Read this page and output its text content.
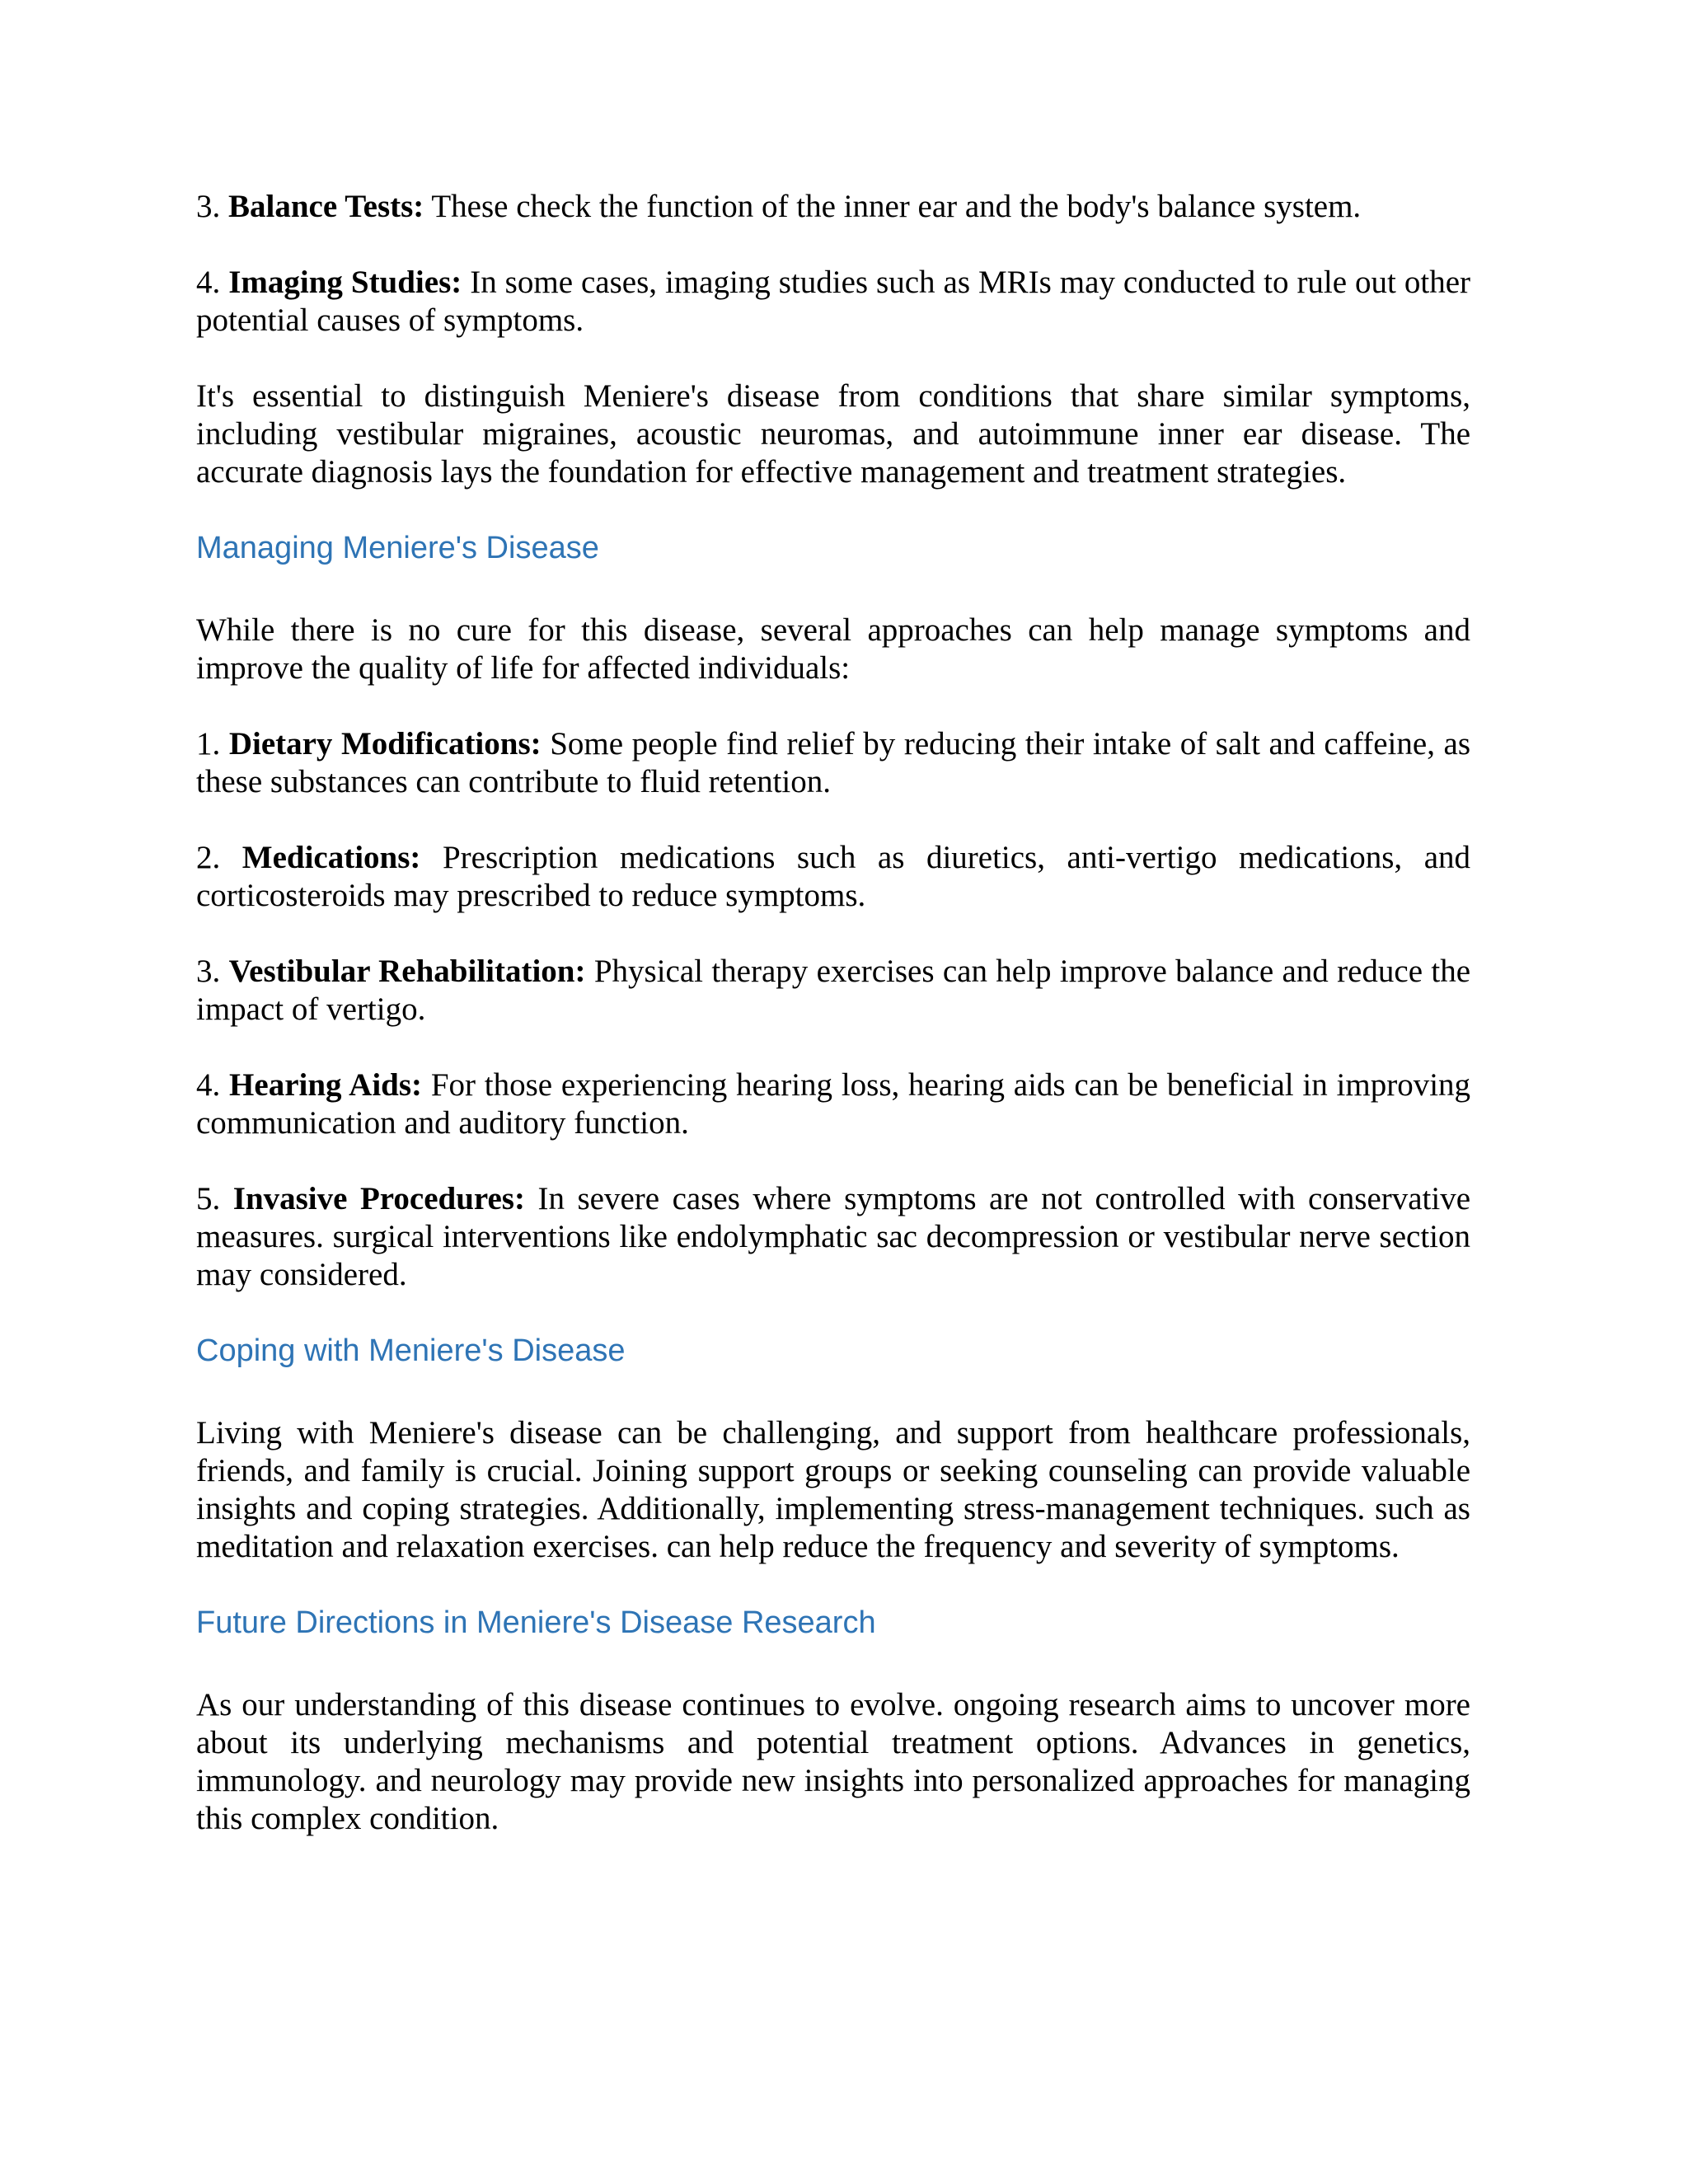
3. Balance Tests: These check the function of the inner ear and the body's balance system.

4. Imaging Studies: In some cases, imaging studies such as MRIs may conducted to rule out other potential causes of symptoms.

It's essential to distinguish Meniere's disease from conditions that share similar symptoms, including vestibular migraines, acoustic neuromas, and autoimmune inner ear disease. The accurate diagnosis lays the foundation for effective management and treatment strategies.

Managing Meniere's Disease

While there is no cure for this disease, several approaches can help manage symptoms and improve the quality of life for affected individuals:

1. Dietary Modifications: Some people find relief by reducing their intake of salt and caffeine, as these substances can contribute to fluid retention.

2. Medications: Prescription medications such as diuretics, anti-vertigo medications, and corticosteroids may prescribed to reduce symptoms.

3. Vestibular Rehabilitation: Physical therapy exercises can help improve balance and reduce the impact of vertigo.

4. Hearing Aids: For those experiencing hearing loss, hearing aids can be beneficial in improving communication and auditory function.

5. Invasive Procedures: In severe cases where symptoms are not controlled with conservative measures. surgical interventions like endolymphatic sac decompression or vestibular nerve section may considered.

Coping with Meniere's Disease

Living with Meniere's disease can be challenging, and support from healthcare professionals, friends, and family is crucial. Joining support groups or seeking counseling can provide valuable insights and coping strategies. Additionally, implementing stress-management techniques. such as meditation and relaxation exercises. can help reduce the frequency and severity of symptoms.

Future Directions in Meniere's Disease Research

As our understanding of this disease continues to evolve. ongoing research aims to uncover more about its underlying mechanisms and potential treatment options. Advances in genetics, immunology. and neurology may provide new insights into personalized approaches for managing this complex condition.
